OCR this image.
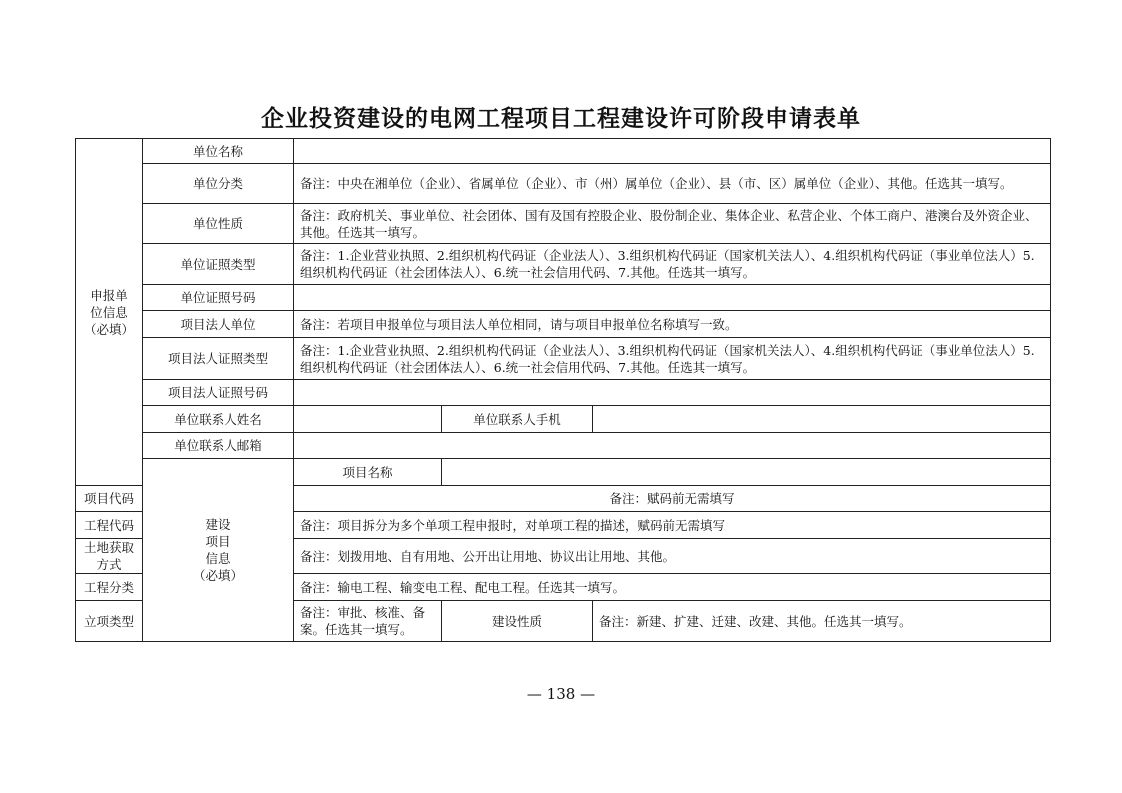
企业投资建设的电网工程项目工程建设许可阶段申请表单
申报单
位信息
（必填）	单位名称			
	单位分类	备注：中央在湘单位（企业）、省属单位（企业）、市（州）属单位（企业）、县（市、区）属单位（企业）、其他。任选其一填写。		
	单位性质	备注：政府机关、事业单位、社会团体、国有及国有控股企业、股份制企业、集体企业、私营企业、个体工商户、港澳台及外资企业、其他。任选其一填写。		
	单位证照类型	备注：1.企业营业执照、2.组织机构代码证（企业法人）、3.组织机构代码证（国家机关法人）、4.组织机构代码证（事业单位法人）5.组织机构代码证（社会团体法人）、6.统一社会信用代码、7.其他。任选其一填写。		
	单位证照号码			
	项目法人单位	备注：若项目申报单位与项目法人单位相同，请与项目申报单位名称填写一致。		
	项目法人证照类型	备注：1.企业营业执照、2.组织机构代码证（企业法人）、3.组织机构代码证（国家机关法人）、4.组织机构代码证（事业单位法人）5.组织机构代码证（社会团体法人）、6.统一社会信用代码、7.其他。任选其一填写。		
	项目法人证照号码			
	单位联系人姓名		单位联系人手机	
	单位联系人邮箱			

	建设
项目
信息
（必填）	项目名称		
项目代码		备注：赋码前无需填写		
工程代码		备注：项目拆分为多个单项工程申报时，对单项工程的描述，赋码前无需填写		
土地获取方式		备注：划拨用地、自有用地、公开出让用地、协议出让用地、其他。		
工程分类		备注：输电工程、输变电工程、配电工程。任选其一填写。		
立项类型		备注：审批、核准、备案。任选其一填写。	建设性质	备注：新建、扩建、迁建、改建、其他。任选其一填写。
— 138 —
